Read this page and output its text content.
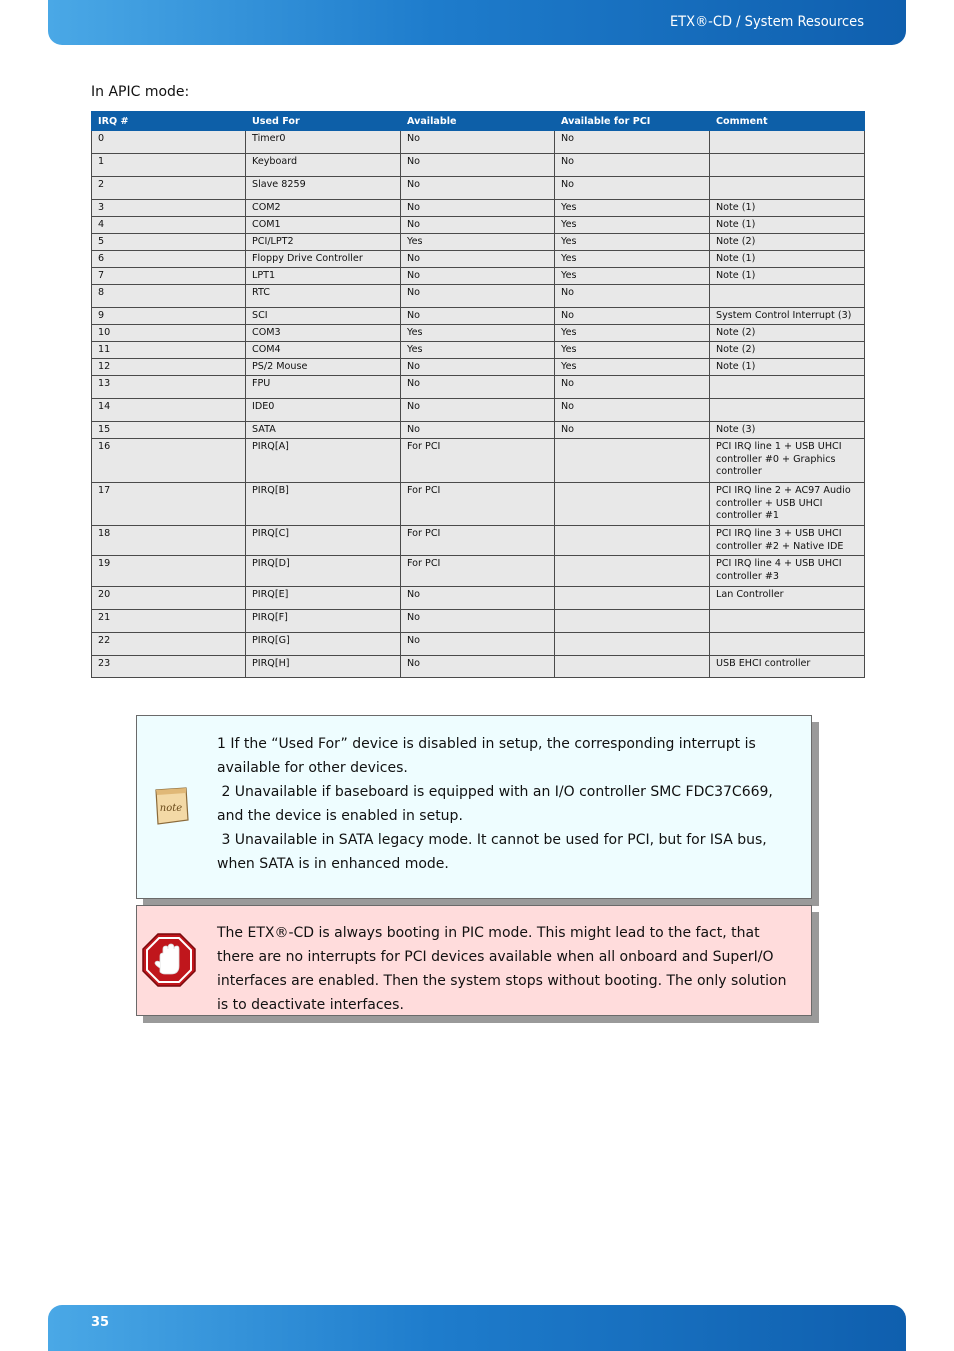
ETX®-CD / System Resources
In APIC mode:
IRQ #	Used For	Available	Available for PCI	Comment
0	Timer0	No	No	
1	Keyboard	No	No	
2	Slave 8259	No	No	
3	COM2	No	Yes	Note (1)
4	COM1	No	Yes	Note (1)
5	PCI/LPT2	Yes	Yes	Note (2)
6	Floppy Drive Controller	No	Yes	Note (1)
7	LPT1	No	Yes	Note (1)
8	RTC	No	No	
9	SCI	No	No	System Control Interrupt (3)
10	COM3	Yes	Yes	Note (2)
11	COM4	Yes	Yes	Note (2)
12	PS/2 Mouse	No	Yes	Note (1)
13	FPU	No	No	
14	IDE0	No	No	
15	SATA	No	No	Note (3)
16	PIRQ[A]	For PCI		PCI IRQ line 1 + USB UHCI controller #0 + Graphics controller
17	PIRQ[B]	For PCI		PCI IRQ line 2 + AC97 Audio controller + USB UHCI controller #1
18	PIRQ[C]	For PCI		PCI IRQ line 3 + USB UHCI controller #2 + Native IDE
19	PIRQ[D]	For PCI		PCI IRQ line 4 + USB UHCI controller #3
20	PIRQ[E]	No		Lan Controller
21	PIRQ[F]	No		
22	PIRQ[G]	No		
23	PIRQ[H]	No		USB EHCI controller
note
1 If the “Used For” device is disabled in setup, the corresponding interrupt is available for other devices.
2 Unavailable if baseboard is equipped with an I/O controller SMC FDC37C669, and the device is enabled in setup.
3 Unavailable in SATA legacy mode. It cannot be used for PCI, but for ISA bus, when SATA is in enhanced mode.
The ETX®-CD is always booting in PIC mode. This might lead to the fact, that there are no interrupts for PCI devices available when all onboard and SuperI/O interfaces are enabled. Then the system stops without booting. The only solution is to deactivate interfaces.
35
